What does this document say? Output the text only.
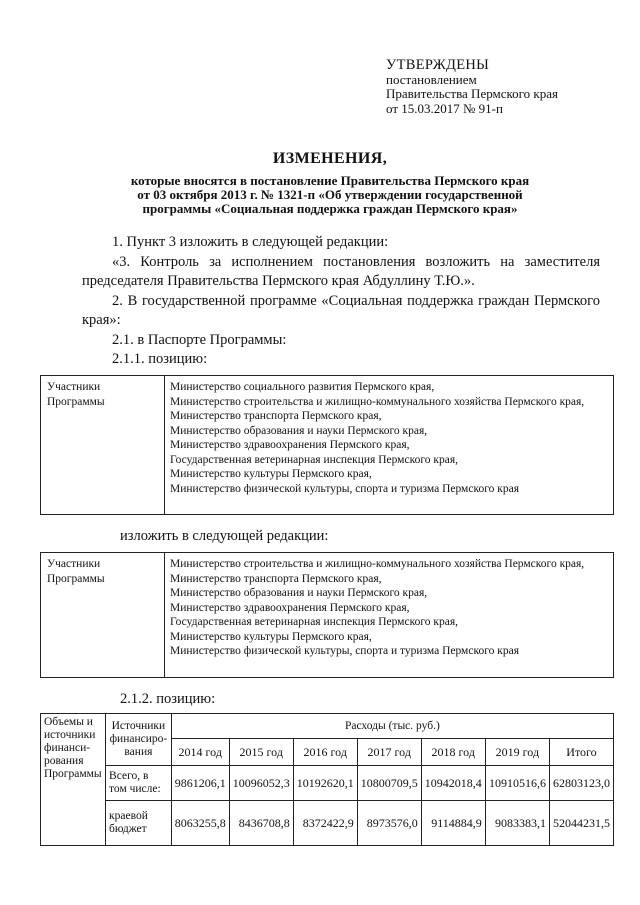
УТВЕРЖДЕНЫ
постановлением
Правительства Пермского края
от 15.03.2017 № 91-п
ИЗМЕНЕНИЯ,
которые вносятся в постановление Правительства Пермского края
от 03 октября 2013 г. № 1321-п «Об утверждении государственной
программы «Социальная поддержка граждан Пермского края»
1. Пункт 3 изложить в следующей редакции:
«3. Контроль за исполнением постановления возложить на заместителя председателя Правительства Пермского края Абдуллину Т.Ю.».
2. В государственной программе «Социальная поддержка граждан Пермского края»:
2.1. в Паспорте Программы:
2.1.1. позицию:
Участники Программы
Министерство социального развития Пермского края,
Министерство строительства и жилищно-коммунального хозяйства Пермского края,
Министерство транспорта Пермского края,
Министерство образования и науки Пермского края,
Министерство здравоохранения Пермского края,
Государственная ветеринарная инспекция Пермского края,
Министерство культуры Пермского края,
Министерство физической культуры, спорта и туризма Пермского края
изложить в следующей редакции:
Участники Программы
Министерство строительства и жилищно-коммунального хозяйства Пермского края,
Министерство транспорта Пермского края,
Министерство образования и науки Пермского края,
Министерство здравоохранения Пермского края,
Государственная ветеринарная инспекция Пермского края,
Министерство культуры Пермского края,
Министерство физической культуры, спорта и туризма Пермского края
2.1.2. позицию:
Объемы и источники финанси-рования Программы	Источники финансиро-вания	Расходы (тыс. руб.)						
		2014 год	2015 год	2016 год	2017 год	2018 год	2019 год	Итого
	Всего, в том числе:	9861206,1	10096052,3	10192620,1	10800709,5	10942018,4	10910516,6	62803123,0
	краевой бюджет	8063255,8	8436708,8	8372422,9	8973576,0	9114884,9	9083383,1	52044231,5
